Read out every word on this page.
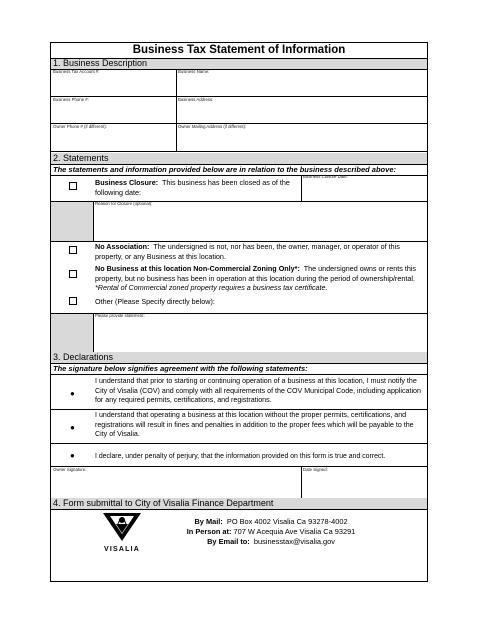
Business Tax Statement of Information
1. Business Description
Business Tax Account #:	Business Name:
Business Phone #:	Business Address:
Owner Phone # (if different):	Owner Mailing Address (if different):
2. Statements
The statements and information provided below are in relation to the business described above:
Business Closure: This business has been closed as of the following date:
Business Closure Date:
Reason for Closure (optional):
No Association: The undersigned is not, nor has been, the owner, manager, or operator of this property, or any Business at this location.
No Business at this location Non-Commercial Zoning Only*: The undersigned owns or rents this property, but no business has been in operation at this location during the period of ownership/rental. *Rental of Commercial zoned property requires a business tax certificate.
Other (Please Specify directly below):
Please provide statement:
3. Declarations
The signature below signifies agreement with the following statements:
●
I understand that prior to starting or continuing operation of a business at this location, I must notify the City of Visalia (COV) and comply with all requirements of the COV Municipal Code, including application for any required permits, certifications, and registrations.
●
I understand that operating a business at this location without the proper permits, certifications, and registrations will result in fines and penalties in addition to the proper fees which will be payable to the City of Visalia.
●	I declare, under penalty of perjury, that the information provided on this form is true and correct.
Owner Signature:	Date Signed:
4. Form submittal to City of Visalia Finance Department
VISALIA
By Mail: PO Box 4002 Visalia Ca 93278-4002
In Person at: 707 W Acequia Ave Visalia Ca 93291
By Email to: businesstax@visalia.gov
